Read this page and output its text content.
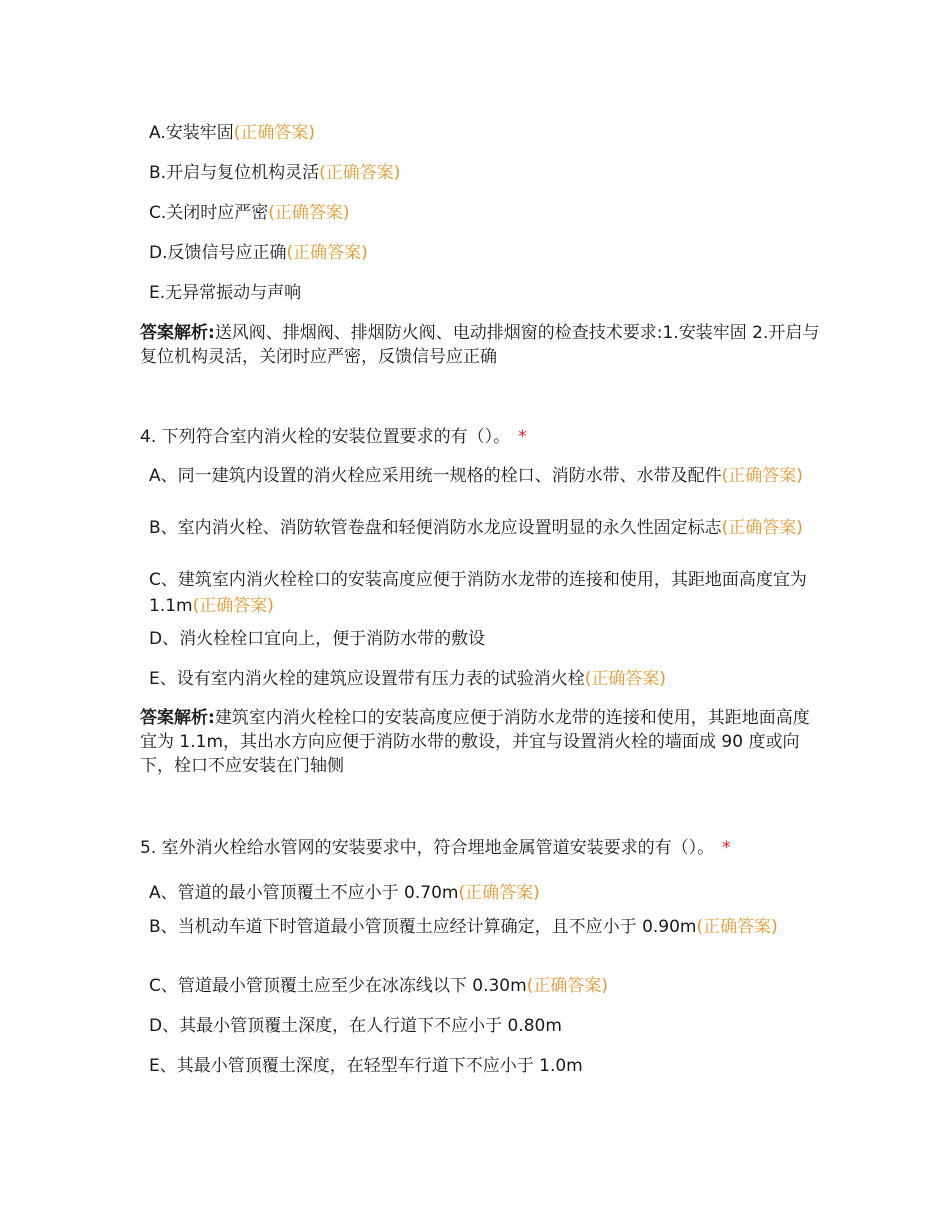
A.安装牢固(正确答案)
B.开启与复位机构灵活(正确答案)
C.关闭时应严密(正确答案)
D.反馈信号应正确(正确答案)
E.无异常振动与声响
答案解析:送风阀、排烟阀、排烟防火阀、电动排烟窗的检查技术要求:1.安装牢固 2.开启与复位机构灵活，关闭时应严密，反馈信号应正确
4. 下列符合室内消火栓的安装位置要求的有（）。 *
A、同一建筑内设置的消火栓应采用统一规格的栓口、消防水带、水带及配件(正确答案)
B、室内消火栓、消防软管卷盘和轻便消防水龙应设置明显的永久性固定标志(正确答案)
C、建筑室内消火栓栓口的安装高度应便于消防水龙带的连接和使用，其距地面高度宜为 1.1m(正确答案)
D、消火栓栓口宜向上，便于消防水带的敷设
E、设有室内消火栓的建筑应设置带有压力表的试验消火栓(正确答案)
答案解析:建筑室内消火栓栓口的安装高度应便于消防水龙带的连接和使用，其距地面高度宜为 1.1m，其出水方向应便于消防水带的敷设，并宜与设置消火栓的墙面成 90 度或向下，栓口不应安装在门轴侧
5. 室外消火栓给水管网的安装要求中，符合埋地金属管道安装要求的有（）。 *
A、管道的最小管顶覆土不应小于 0.70m(正确答案)
B、当机动车道下时管道最小管顶覆土应经计算确定，且不应小于 0.90m(正确答案)
C、管道最小管顶覆土应至少在冰冻线以下 0.30m(正确答案)
D、其最小管顶覆土深度，在人行道下不应小于 0.80m
E、其最小管顶覆土深度，在轻型车行道下不应小于 1.0m
